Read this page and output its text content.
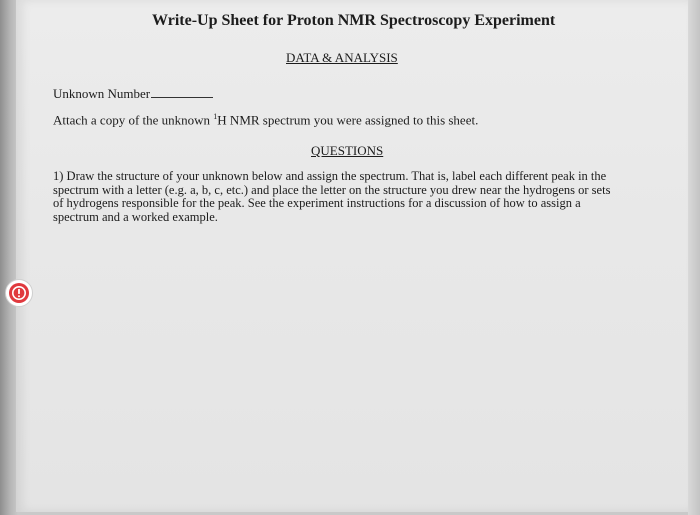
Write-Up Sheet for Proton NMR Spectroscopy Experiment
DATA & ANALYSIS
Unknown Number
Attach a copy of the unknown $^1$H NMR spectrum you were assigned to this sheet.
QUESTIONS
1) Draw the structure of your unknown below and assign the spectrum. That is, label each different peak in the
spectrum with a letter (e.g. a, b, c, etc.) and place the letter on the structure you drew near the hydrogens or sets
of hydrogens responsible for the peak. See the experiment instructions for a discussion of how to assign a
spectrum and a worked example.
